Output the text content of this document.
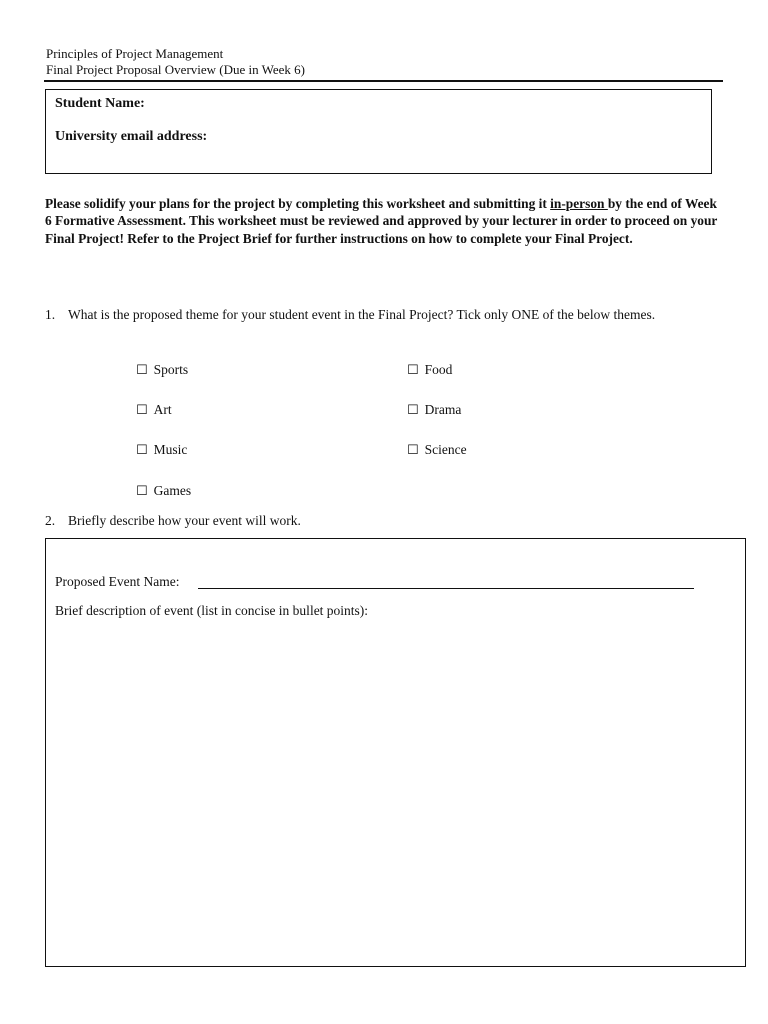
Principles of Project Management
Final Project Proposal Overview (Due in Week 6)

Student Name:

University email address:

Please solidify your plans for the project by completing this worksheet and submitting it in-person by the end of Week 6 Formative Assessment. This worksheet must be reviewed and approved by your lecturer in order to proceed on your Final Project! Refer to the Project Brief for further instructions on how to complete your Final Project.
1. What is the proposed theme for your student event in the Final Project? Tick only ONE of the below themes.
☐ Sports	☐ Food
☐ Art	☐ Drama
☐ Music	☐ Science
☐ Games
2. Briefly describe how your event will work.
Proposed Event Name:
Brief description of event (list in concise in bullet points):
